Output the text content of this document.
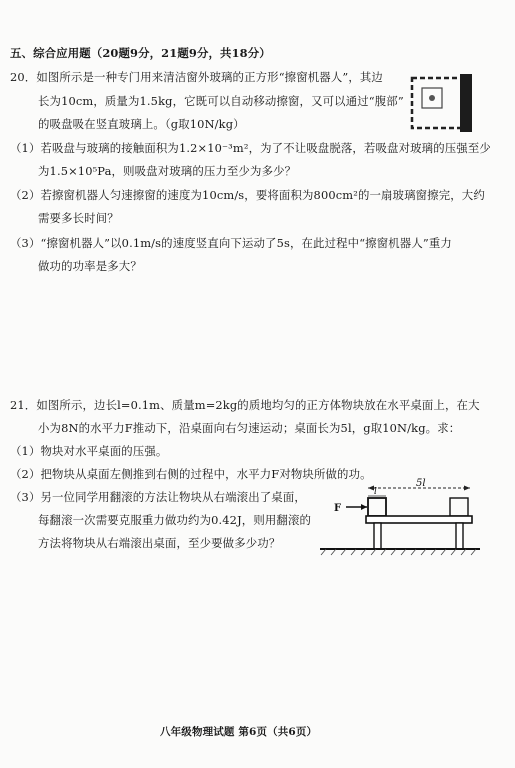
五、综合应用题（20题9分，21题9分，共18分）
20．如图所示是一种专门用来清洁窗外玻璃的正方形“擦窗机器人”，其边
长为10cm，质量为1.5kg，它既可以自动移动擦窗，又可以通过“腹部”
的吸盘吸在竖直玻璃上。（g取10N/kg）
（1）若吸盘与玻璃的接触面积为1.2×10⁻³m²，为了不让吸盘脱落，若吸盘对玻璃的压强至少
为1.5×10⁵Pa，则吸盘对玻璃的压力至少为多少？
（2）若擦窗机器人匀速擦窗的速度为10cm/s，要将面积为800cm²的一扇玻璃窗擦完，大约
需要多长时间？
（3）“擦窗机器人”以0.1m/s的速度竖直向下运动了5s，在此过程中“擦窗机器人”重力
做功的功率是多大？
21．如图所示，边长l=0.1m、质量m=2kg的质地均匀的正方体物块放在水平桌面上，在大
小为8N的水平力F推动下，沿桌面向右匀速运动；桌面长为5l，g取10N/kg。求：
（1）物块对水平桌面的压强。
（2）把物块从桌面左侧推到右侧的过程中，水平力F对物块所做的功。
（3）另一位同学用翻滚的方法让物块从右端滚出了桌面，
每翻滚一次需要克服重力做功约为0.42J，则用翻滚的
方法将物块从右端滚出桌面，至少要做多少功？
F
l
5l
八年级物理试题 第6页（共6页）
